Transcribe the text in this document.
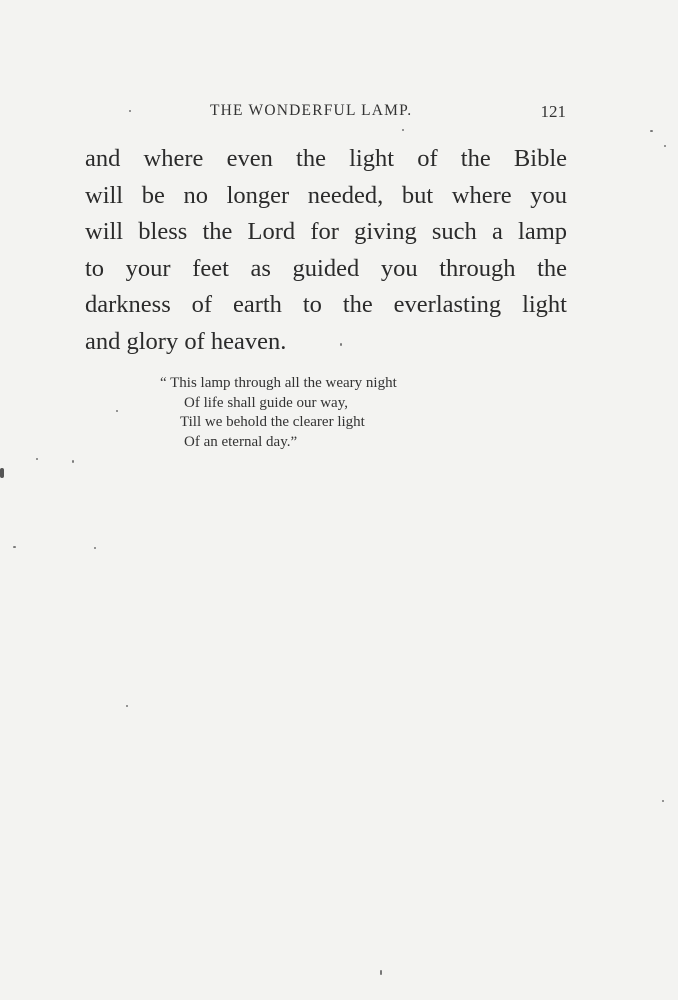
THE WONDERFUL LAMP.	121
and where even the light of the Bible
will be no longer needed, but where you
will bless the Lord for giving such a lamp
to your feet as guided you through the
darkness of earth to the everlasting light
and glory of heaven.
“ This lamp through all the weary night
Of life shall guide our way,
Till we behold the clearer light
Of an eternal day.”
